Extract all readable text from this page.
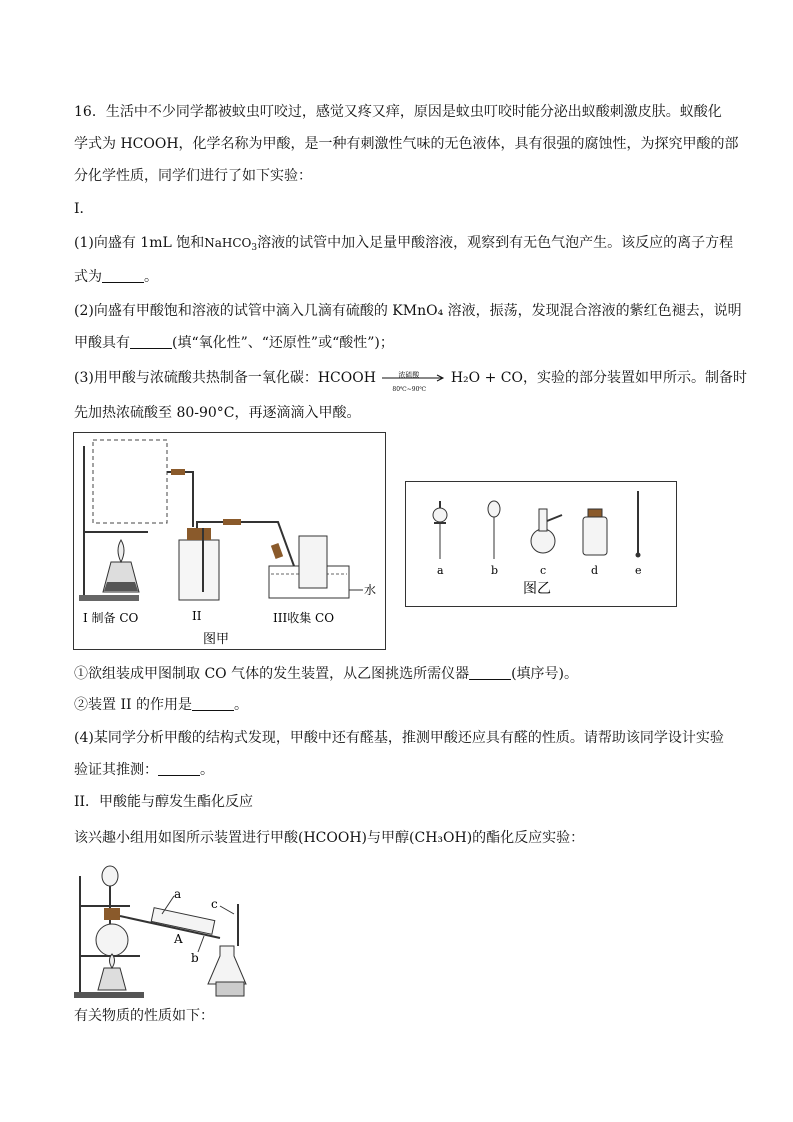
16．生活中不少同学都被蚊虫叮咬过，感觉又疼又痒，原因是蚊虫叮咬时能分泌出蚁酸刺激皮肤。蚁酸化
学式为 HCOOH，化学名称为甲酸，是一种有刺激性气味的无色液体，具有很强的腐蚀性，为探究甲酸的部
分化学性质，同学们进行了如下实验：
I．
(1)向盛有 1mL 饱和NaHCO$_3$溶液的试管中加入足量甲酸溶液，观察到有无色气泡产生。该反应的离子方程
式为	。
(2)向盛有甲酸饱和溶液的试管中滴入几滴有硫酸的 KMnO₄ 溶液，振荡，发现混合溶液的紫红色褪去，说明
甲酸具有	(填“氧化性”、“还原性”或“酸性”)；
(3)用甲酸与浓硫酸共热制备一氧化碳：HCOOH	浓硫酸
80℃~90℃
H₂O + CO，实验的部分装置如甲所示。制备时
先加热浓硫酸至 80-90°C，再逐滴滴入甲酸。
水
I 制备 CO	II	III收集 CO
图甲
a	b	c	d	e
图乙
①欲组装成甲图制取 CO 气体的发生装置，从乙图挑选所需仪器	(填序号)。
②装置 II 的作用是	。
(4)某同学分析甲酸的结构式发现，甲酸中还有醛基，推测甲酸还应具有醛的性质。请帮助该同学设计实验
验证其推测：	。
II．甲酸能与醇发生酯化反应
该兴趣小组用如图所示装置进行甲酸(HCOOH)与甲醇(CH₃OH)的酯化反应实验：
a
A
b
c
有关物质的性质如下：
